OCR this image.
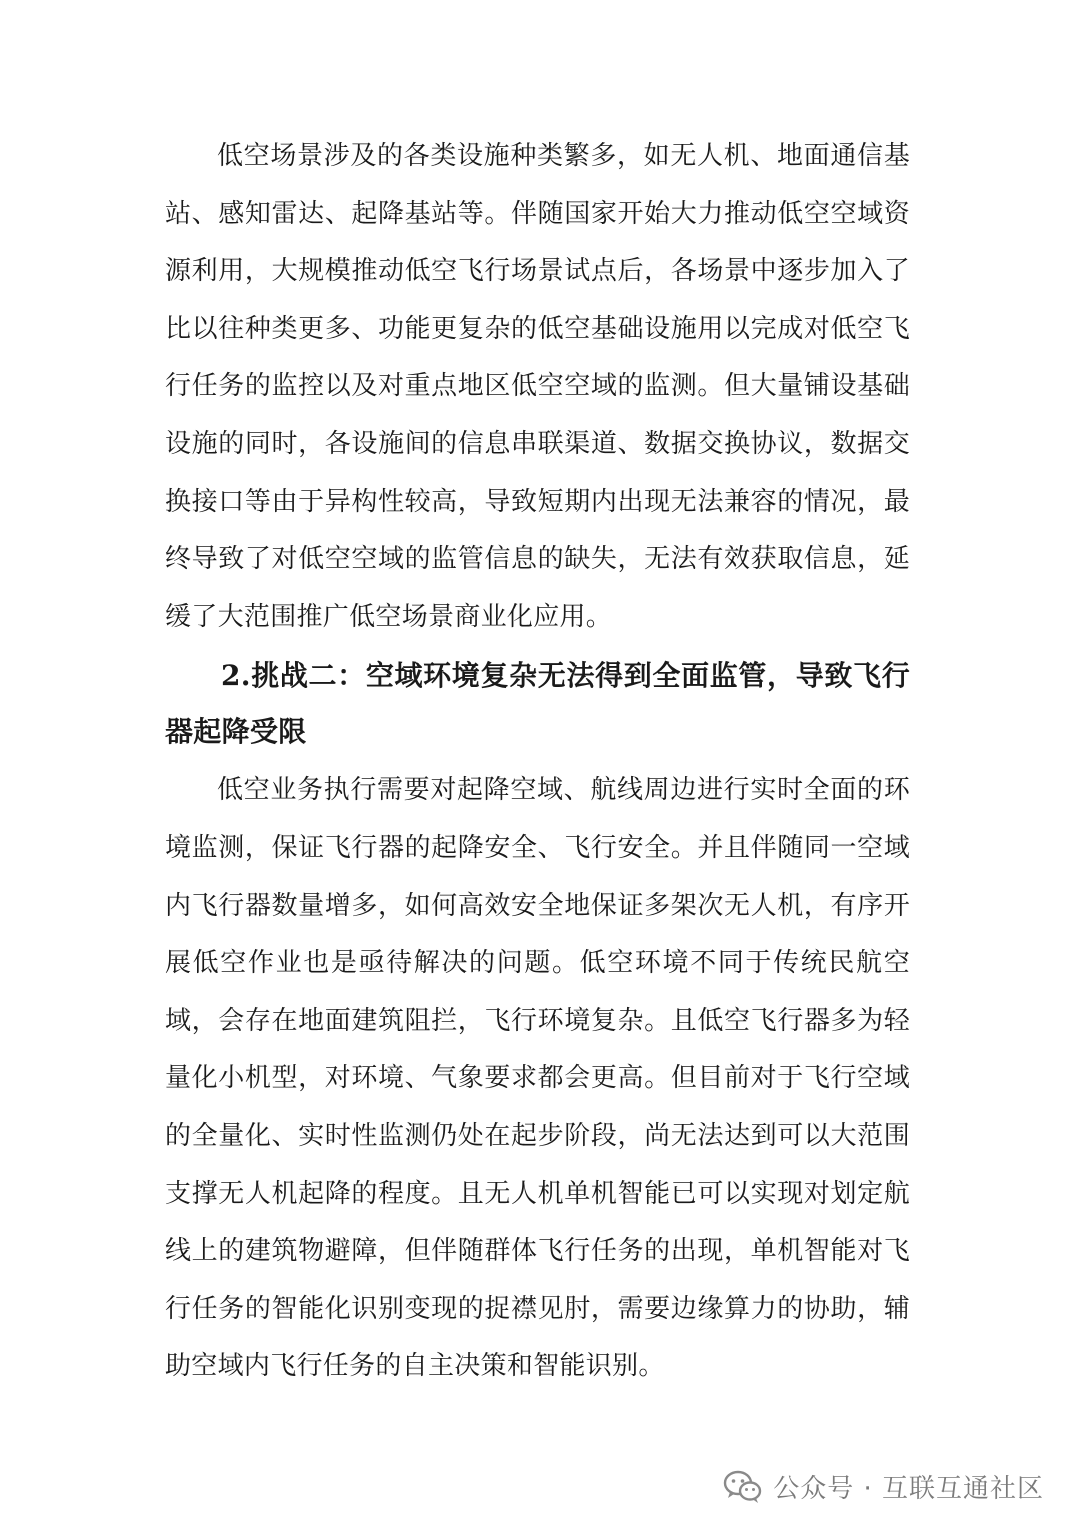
低空场景涉及的各类设施种类繁多，如无人机、地面通信基站、感知雷达、起降基站等。伴随国家开始大力推动低空空域资源利用，大规模推动低空飞行场景试点后，各场景中逐步加入了比以往种类更多、功能更复杂的低空基础设施用以完成对低空飞行任务的监控以及对重点地区低空空域的监测。但大量铺设基础设施的同时，各设施间的信息串联渠道、数据交换协议，数据交换接口等由于异构性较高，导致短期内出现无法兼容的情况，最终导致了对低空空域的监管信息的缺失，无法有效获取信息，延缓了大范围推广低空场景商业化应用。

2.挑战二：空域环境复杂无法得到全面监管，导致飞行器起降受限

低空业务执行需要对起降空域、航线周边进行实时全面的环境监测，保证飞行器的起降安全、飞行安全。并且伴随同一空域内飞行器数量增多，如何高效安全地保证多架次无人机，有序开展低空作业也是亟待解决的问题。低空环境不同于传统民航空域，会存在地面建筑阻拦，飞行环境复杂。且低空飞行器多为轻量化小机型，对环境、气象要求都会更高。但目前对于飞行空域的全量化、实时性监测仍处在起步阶段，尚无法达到可以大范围支撑无人机起降的程度。且无人机单机智能已可以实现对划定航线上的建筑物避障，但伴随群体飞行任务的出现，单机智能对飞行任务的智能化识别变现的捉襟见肘，需要边缘算力的协助，辅助空域内飞行任务的自主决策和智能识别。

公众号 · 互联互通社区
